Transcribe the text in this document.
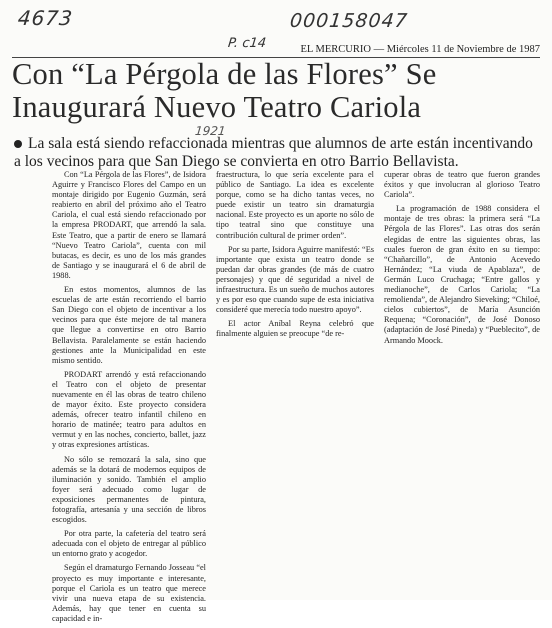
4673	000158047
P. c14
1921
EL MERCURIO — Miércoles 11 de Noviembre de 1987
Con “La Pérgola de las Flores” Se
Inaugurará Nuevo Teatro Cariola
La sala está siendo refaccionada mientras que alumnos de arte están incentivando a los vecinos para que San Diego se convierta en otro Barrio Bellavista.

Con “La Pérgola de las Flores”, de Isidora Aguirre y Francisco Flores del Campo en un montaje dirigido por Eugenio Guzmán, será reabierto en abril del próximo año el Teatro Cariola, el cual está siendo refaccionado por la empresa PRODART, que arrendó la sala. Este Teatro, que a partir de enero se llamará “Nuevo Teatro Cariola”, cuenta con mil butacas, es decir, es uno de los más grandes de Santiago y se inaugurará el 6 de abril de 1988.

En estos momentos, alumnos de las escuelas de arte están recorriendo el barrio San Diego con el objeto de incentivar a los vecinos para que éste mejore de tal manera que llegue a convertirse en otro Barrio Bellavista. Paralelamente se están haciendo gestiones ante la Municipalidad en este mismo sentido.

PRODART arrendó y está refaccionando el Teatro con el objeto de presentar nuevamente en él las obras de teatro chileno de mayor éxito. Este proyecto considera además, ofrecer teatro infantil chileno en horario de matinée; teatro para adultos en vermut y en las noches, concierto, ballet, jazz y otras expresiones artísticas.

No sólo se remozará la sala, sino que además se la dotará de modernos equipos de iluminación y sonido. También el amplio foyer será adecuado como lugar de exposiciones permanentes de pintura, fotografía, artesanía y una sección de libros escogidos.

Por otra parte, la cafetería del teatro será adecuada con el objeto de entregar al público un entorno grato y acogedor.

Según el dramaturgo Fernando Josseau “el proyecto es muy importante e interesante, porque el Cariola es un teatro que merece vivir una nueva etapa de su existencia. Además, hay que tener en cuenta su capacidad e in-

fraestructura, lo que sería excelente para el público de Santiago. La idea es excelente porque, como se ha dicho tantas veces, no puede existir un teatro sin dramaturgia nacional. Este proyecto es un aporte no sólo de tipo teatral sino que constituye una contribución cultural de primer orden”.

Por su parte, Isidora Aguirre manifestó: “Es importante que exista un teatro donde se puedan dar obras grandes (de más de cuatro personajes) y que dé seguridad a nivel de infraestructura. Es un sueño de muchos autores y es por eso que cuando supe de esta iniciativa consideré que merecía todo nuestro apoyo”.

El actor Aníbal Reyna celebró que finalmente alguien se preocupe “de re-

cuperar obras de teatro que fueron grandes éxitos y que involucran al glorioso Teatro Cariola”.

La programación de 1988 considera el montaje de tres obras: la primera será “La Pérgola de las Flores”. Las otras dos serán elegidas de entre las siguientes obras, las cuales fueron de gran éxito en su tiempo: “Chañarcillo”, de Antonio Acevedo Hernández; “La viuda de Apablaza”, de Germán Luco Cruchaga; “Entre gallos y medianoche”, de Carlos Cariola; “La remolienda”, de Alejandro Sieveking; “Chiloé, cielos cubiertos”, de María Asunción Requena; “Coronación”, de José Donoso (adaptación de José Pineda) y “Pueblecito”, de Armando Moock.
